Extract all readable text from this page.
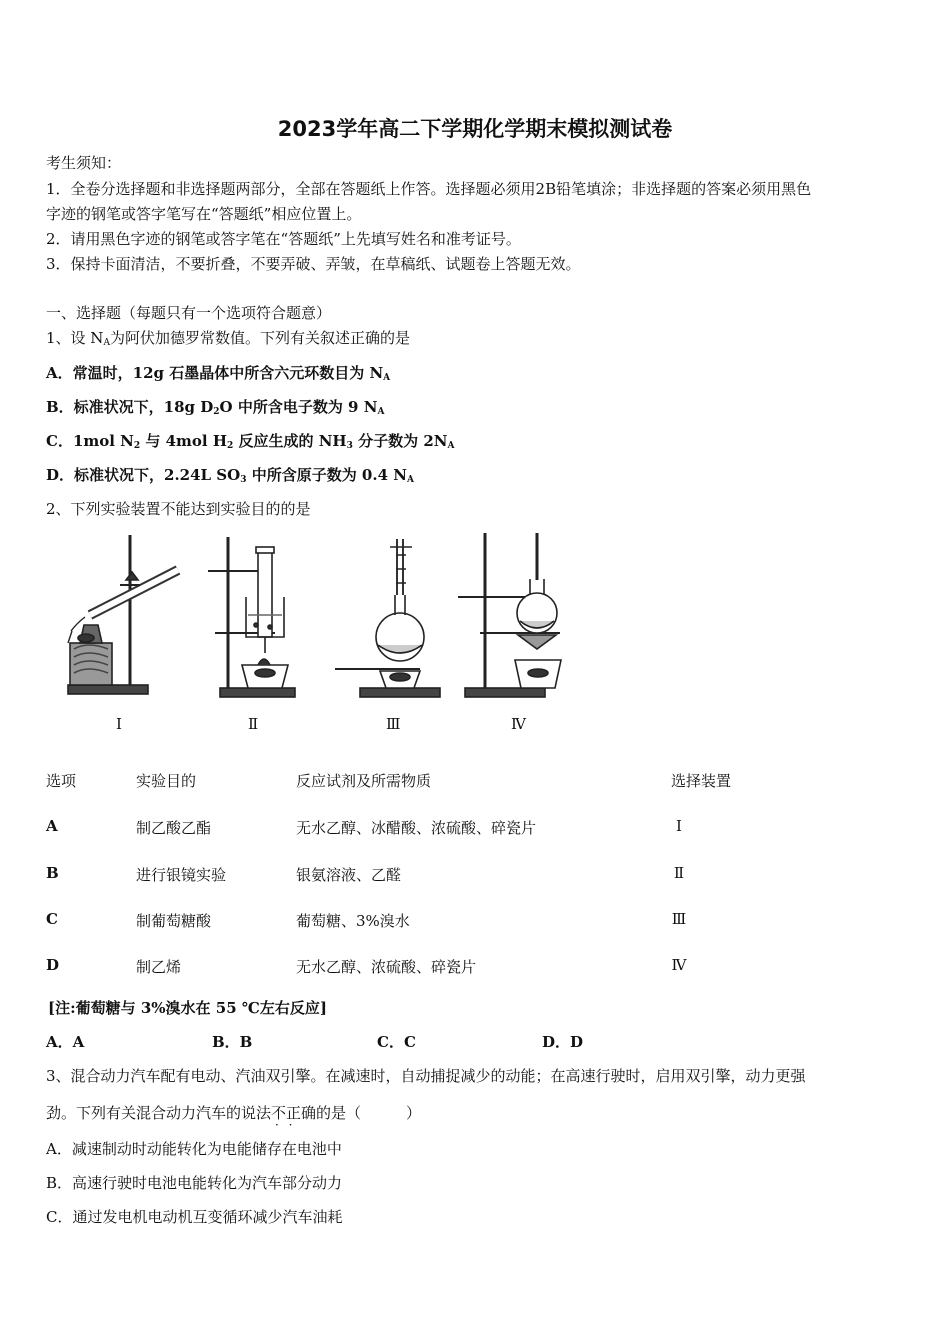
2023学年高二下学期化学期末模拟测试卷
考生须知：
1．全卷分选择题和非选择题两部分，全部在答题纸上作答。选择题必须用2B铅笔填涂；非选择题的答案必须用黑色
字迹的钢笔或答字笔写在“答题纸”相应位置上。
2．请用黑色字迹的钢笔或答字笔在“答题纸”上先填写姓名和准考证号。
3．保持卡面清洁，不要折叠，不要弄破、弄皱，在草稿纸、试题卷上答题无效。
一、选择题（每题只有一个选项符合题意）
1、设 $N_A$为阿伏加德罗常数值。下列有关叙述正确的是
A．常温时，12g 石墨晶体中所含六元环数目为 $N_A$
B．标准状况下，18g $D_2O$ 中所含电子数为 9 $N_A$
C．1mol $N_2$ 与 4mol $H_2$ 反应生成的 $NH_3$ 分子数为 $2N_A$
D．标准状况下，2.24L $SO_3$ 中所含原子数为 0.4 $N_A$
2、下列实验装置不能达到实验目的的是
Ⅰ	Ⅱ	Ⅲ	Ⅳ
选项	实验目的	反应试剂及所需物质	选择装置
A	制乙酸乙酯	无水乙醇、冰醋酸、浓硫酸、碎瓷片	Ⅰ
B	进行银镜实验	银氨溶液、乙醛	Ⅱ
C	制葡萄糖酸	葡萄糖、3%溴水	Ⅲ
D	制乙烯	无水乙醇、浓硫酸、碎瓷片	Ⅳ
[注:葡萄糖与 3%溴水在 55 ℃左右反应]
A．A	B．B	C．C	D．D
3、混合动力汽车配有电动、汽油双引擎。在减速时，自动捕捉减少的动能；在高速行驶时，启用双引擎，动力更强
劲。下列有关混合动力汽车的说法不正确 · ·的是（　　　）
A．减速制动时动能转化为电能储存在电池中
B．高速行驶时电池电能转化为汽车部分动力
C．通过发电机电动机互变循环减少汽车油耗
